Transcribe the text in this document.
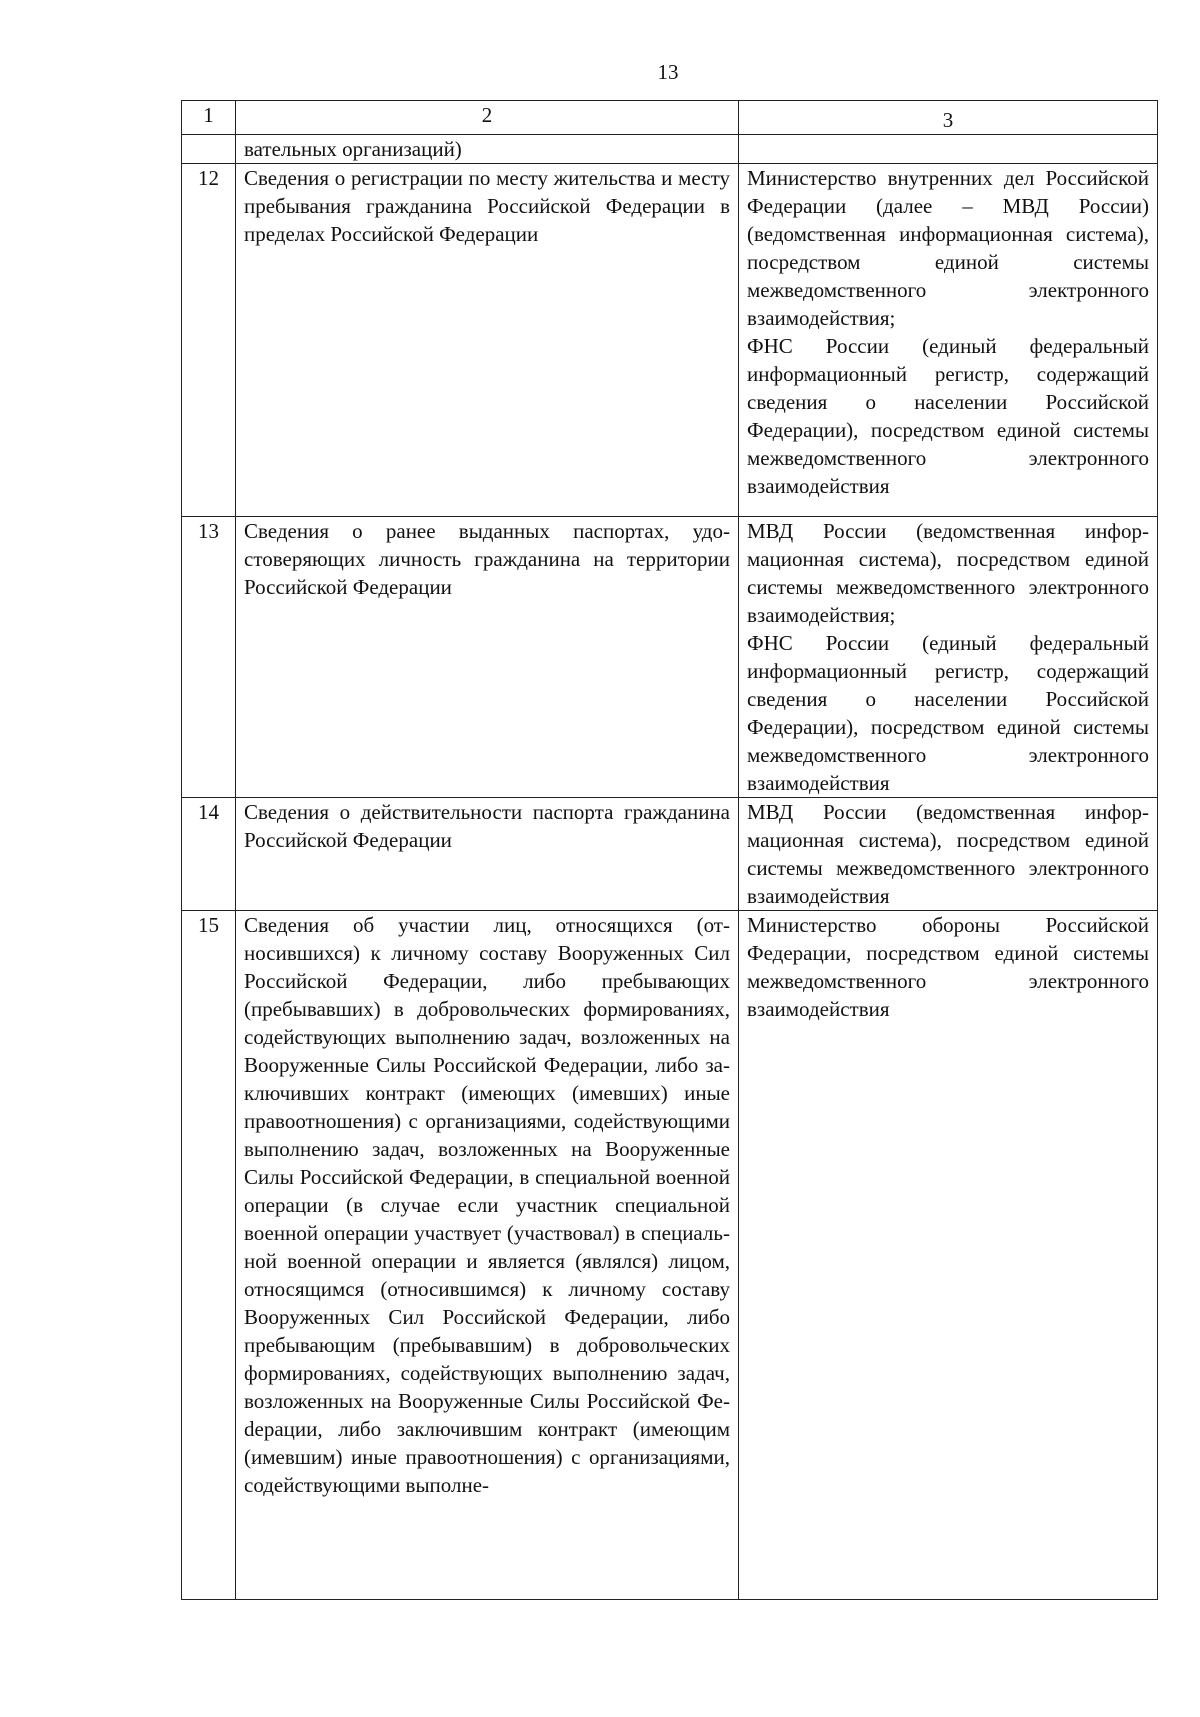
13
1	2	3
	вательных организаций)	
12	Сведения о регистрации по месту жительства и месту пребывания гражданина Российской Федерации в пределах Российской Федерации	Министерство внутренних дел Российской Федерации (далее – МВД России) (ведомственная информационная система), посредством единой системы межведомственного электронного взаимодействия;
ФНС России (единый федеральный информационный регистр, содержащий сведения о населении Российской Федерации), посредством единой системы межведомственного электронного взаимодействия
13	Сведения о ранее выданных паспортах, удостоверяющих личность гражданина на территории Российской Федерации	МВД России (ведомственная информационная система), посредством единой системы межведомственного электронного взаимодействия;
ФНС России (единый федеральный информационный регистр, содержащий сведения о населении Российской Федерации), посредством единой системы межведомственного электронного взаимодействия
14	Сведения о действительности паспорта гражданина Российской Федерации	МВД России (ведомственная информационная система), посредством единой системы межведомственного электронного взаимодействия
15	Сведения об участии лиц, относящихся (относившихся) к личному составу Вооруженных Сил Российской Федерации, либо пребывающих (пребывавших) в добровольческих формированиях, содействующих выполнению задач, возложенных на Вооруженные Силы Российской Федерации, либо заключивших контракт (имеющих (имевших) иные правоотношения) с организациями, содействующими выполнению задач, возложенных на Вооруженные Силы Российской Федерации, в специальной военной операции (в случае если участник специальной военной операции участвует (участвовал) в специальной военной операции и является (являлся) лицом, относящимся (относившимся) к личному составу Вооруженных Сил Российской Федерации, либо пребывающим (пребывавшим) в добровольческих формированиях, содействующих выполнению задач, возложенных на Вооруженные Силы Российской Феdерации, либо заключившим контракт (имеющим (имевшим) иные правоотношения) с организациями, содействующими выполне-	Министерство обороны Российской Федерации, посредством единой системы межведомственного электронного взаимодействия
